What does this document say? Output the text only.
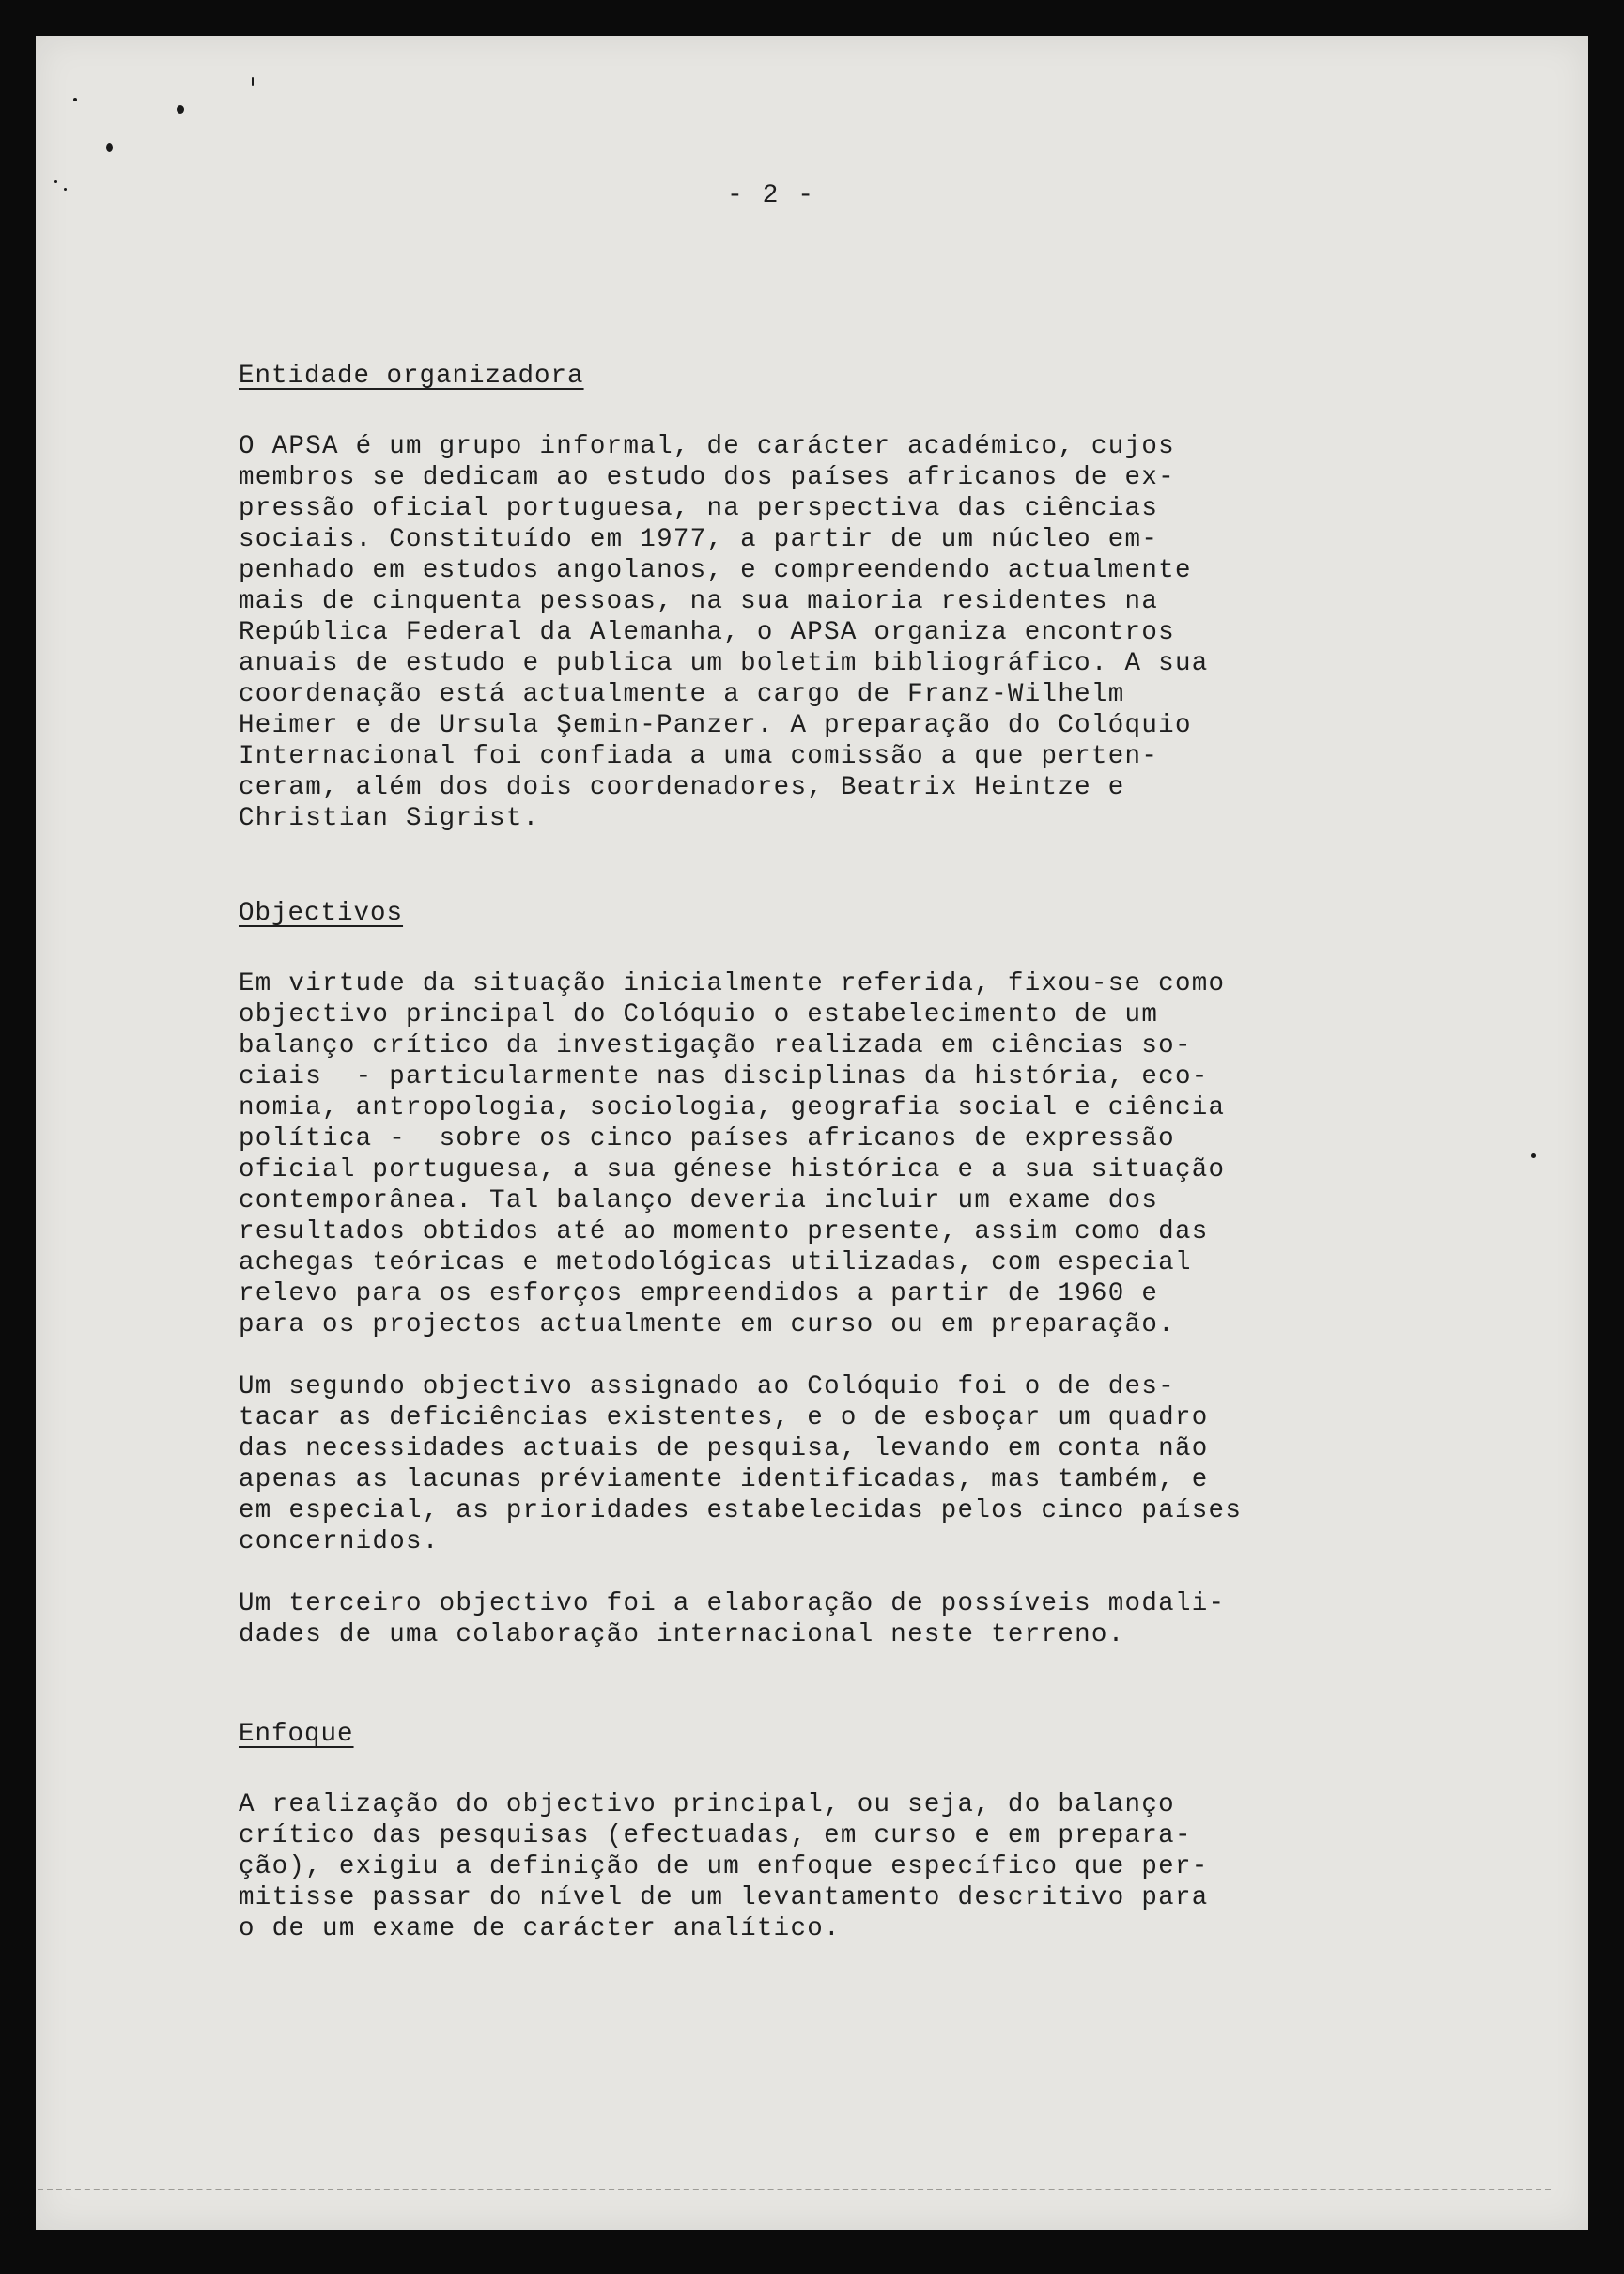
- 2 -
Entidade organizadora

O APSA é um grupo informal, de carácter académico, cujos
membros se dedicam ao estudo dos países africanos de ex-
pressão oficial portuguesa, na perspectiva das ciências
sociais. Constituído em 1977, a partir de um núcleo em-
penhado em estudos angolanos, e compreendendo actualmente
mais de cinquenta pessoas, na sua maioria residentes na
República Federal da Alemanha, o APSA organiza encontros
anuais de estudo e publica um boletim bibliográfico. A sua
coordenação está actualmente a cargo de Franz-Wilhelm
Heimer e de Ursula Şemin-Panzer. A preparação do Colóquio
Internacional foi confiada a uma comissão a que perten-
ceram, além dos dois coordenadores, Beatrix Heintze e
Christian Sigrist.

Objectivos

Em virtude da situação inicialmente referida, fixou-se como
objectivo principal do Colóquio o estabelecimento de um
balanço crítico da investigação realizada em ciências so-
ciais  - particularmente nas disciplinas da história, eco-
nomia, antropologia, sociologia, geografia social e ciência
política -  sobre os cinco países africanos de expressão
oficial portuguesa, a sua génese histórica e a sua situação
contemporânea. Tal balanço deveria incluir um exame dos
resultados obtidos até ao momento presente, assim como das
achegas teóricas e metodológicas utilizadas, com especial
relevo para os esforços empreendidos a partir de 1960 e
para os projectos actualmente em curso ou em preparação.

Um segundo objectivo assignado ao Colóquio foi o de des-
tacar as deficiências existentes, e o de esboçar um quadro
das necessidades actuais de pesquisa, levando em conta não
apenas as lacunas préviamente identificadas, mas também, e
em especial, as prioridades estabelecidas pelos cinco países
concernidos.

Um terceiro objectivo foi a elaboração de possíveis modali-
dades de uma colaboração internacional neste terreno.

Enfoque

A realização do objectivo principal, ou seja, do balanço
crítico das pesquisas (efectuadas, em curso e em prepara-
ção), exigiu a definição de um enfoque específico que per-
mitisse passar do nível de um levantamento descritivo para
o de um exame de carácter analítico.
